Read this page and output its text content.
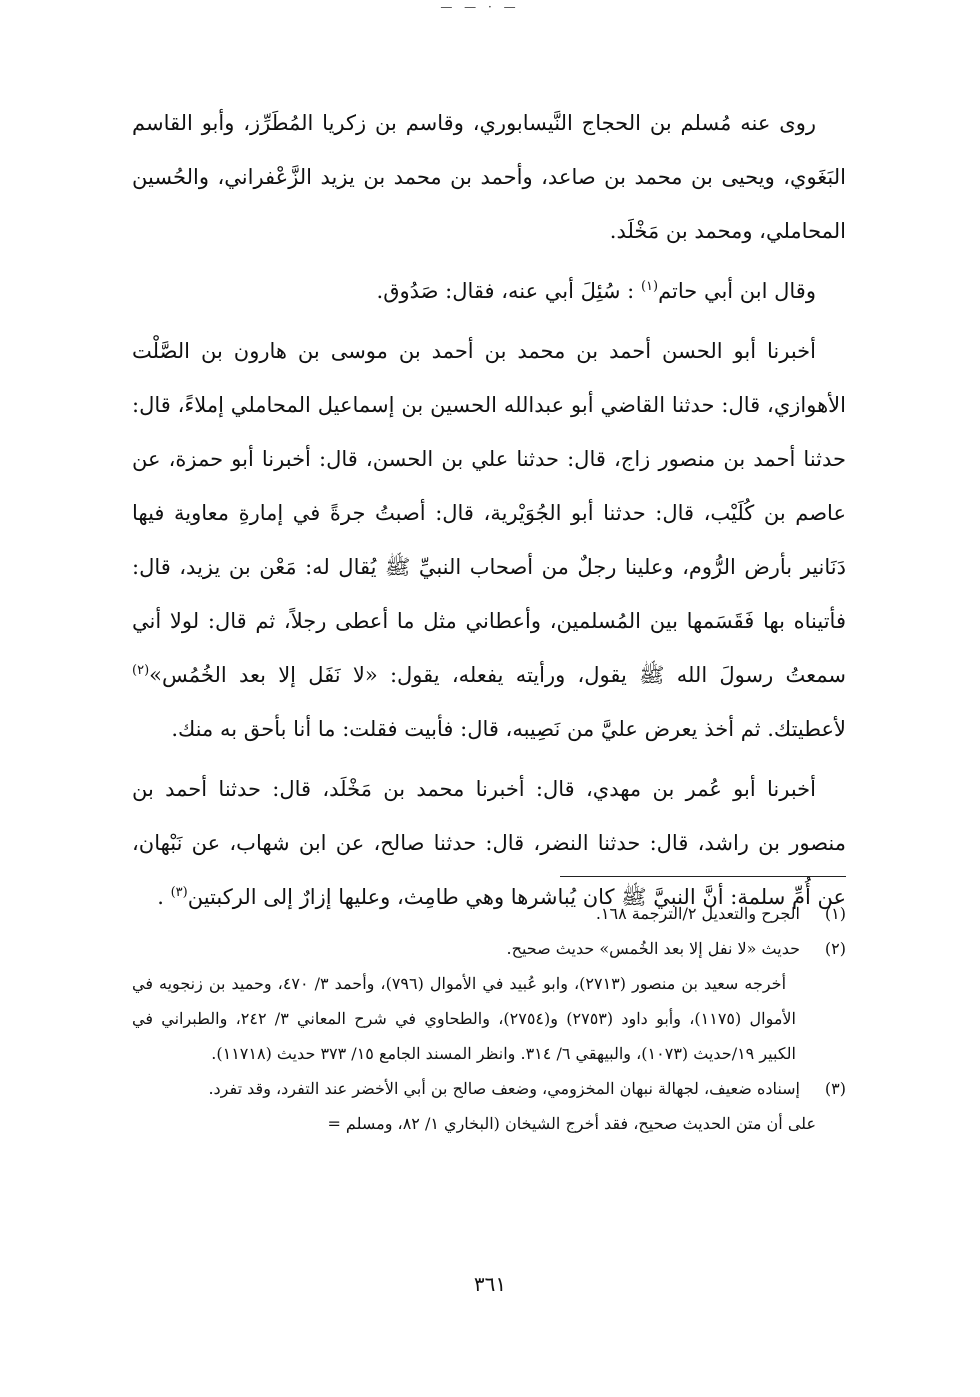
— — · —

روى عنه مُسلم بن الحجاج النَّيسابوري، وقاسم بن زكريا المُطَرِّز، وأبو القاسم البَغَوي، ويحيى بن محمد بن صاعد، وأحمد بن محمد بن يزيد الزَّعْفراني، والحُسين المحاملي، ومحمد بن مَخْلَد.

وقال ابن أبي حاتم$^{(١)}$ : سُئِلَ أبي عنه، فقال: صَدُوق.

أخبرنا أبو الحسن أحمد بن محمد بن أحمد بن موسى بن هارون بن الصَّلْت الأهوازي، قال: حدثنا القاضي أبو عبدالله الحسين بن إسماعيل المحاملي إملاءً، قال: حدثنا أحمد بن منصور زاج، قال: حدثنا علي بن الحسن، قال: أخبرنا أبو حمزة، عن عاصم بن كُلَيْب، قال: حدثنا أبو الجُوَيْرية، قال: أصبتُ جرةً في إمارةِ معاوية فيها دَنَانير بأرض الرُّوم، وعلينا رجلٌ من أصحاب النبيِّ ﷺ يُقال له: مَعْن بن يزيد، قال: فأتيناه بها فَقَسَمها بين المُسلمين، وأعطاني مثل ما أعطى رجلاً، ثم قال: لولا أني سمعتُ رسولَ الله ﷺ يقول، ورأيته يفعله، يقول: «لا نَفَل إلا بعد الخُمُس»$^{(٢)}$ لأعطيتك. ثم أخذ يعرض عليَّ من نَصِيبه، قال: فأبيت فقلت: ما أنا بأحق به منك.

أخبرنا أبو عُمر بن مهدي، قال: أخبرنا محمد بن مَخْلَد، قال: حدثنا أحمد بن منصور بن راشد، قال: حدثنا النضر، قال: حدثنا صالح، عن ابن شهاب، عن نَبْهان، عن أُمِّ سلمة: أنَّ النبيَّ ﷺ كان يُباشرها وهي طامِث، وعليها إزارٌ إلى الركبتين$^{(٣)}$ .

(١)
الجرح والتعديل ٢/الترجمة ١٦٨.
(٢)
حديث «لا نفل إلا بعد الخُمس» حديث صحيح.

أخرجه سعيد بن منصور (٢٧١٣)، وابو عُبيد في الأموال (٧٩٦)، وأحمد ٣/ ٤٧٠، وحميد بن زنجويه في الأموال (١١٧٥)، وأبو داود (٢٧٥٣) و(٢٧٥٤)، والطحاوي في شرح المعاني ٣/ ٢٤٢، والطبراني في الكبير ١٩/حديث (١٠٧٣)، والبيهقي ٦/ ٣١٤. وانظر المسند الجامع ١٥/ ٣٧٣ حديث (١١٧١٨).

(٣)
إسناده ضعيف، لجهالة نبهان المخزومي، وضعف صالح بن أبي الأخضر عند التفرد، وقد تفرد.

على أن متن الحديث صحيح، فقد أخرج الشيخان (البخاري ١/ ٨٢، ومسلم =

٣٦١
